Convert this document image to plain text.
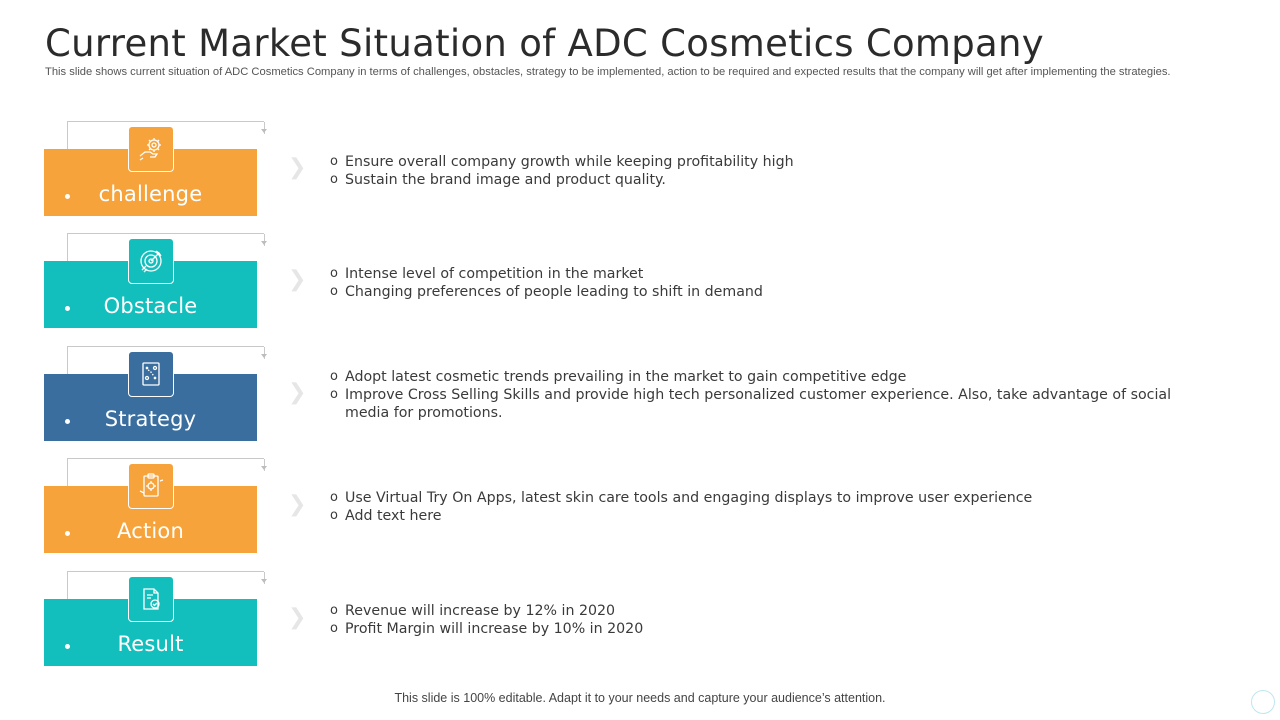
Current Market Situation of ADC Cosmetics Company

This slide shows current situation of ADC Cosmetics Company in terms of challenges, obstacles, strategy to be implemented, action to be required and expected results that the company will get after implementing the strategies.

challenge
❯	o Ensure overall company growth while keeping profitability high
o Sustain the brand image and product quality.
Obstacle
❯	o Intense level of competition in the market
o Changing preferences of people leading to shift in demand
Strategy
❯
o Adopt latest cosmetic trends prevailing in the market to gain competitive edge
o Improve Cross Selling Skills and provide high tech personalized customer experience. Also, take advantage of social media for promotions.
Action
❯	o Use Virtual Try On Apps, latest skin care tools and engaging displays to improve user experience
o Add text here
Result
❯	o Revenue will increase by 12% in 2020
o Profit Margin will increase by 10% in 2020
This slide is 100% editable. Adapt it to your needs and capture your audience’s attention.
